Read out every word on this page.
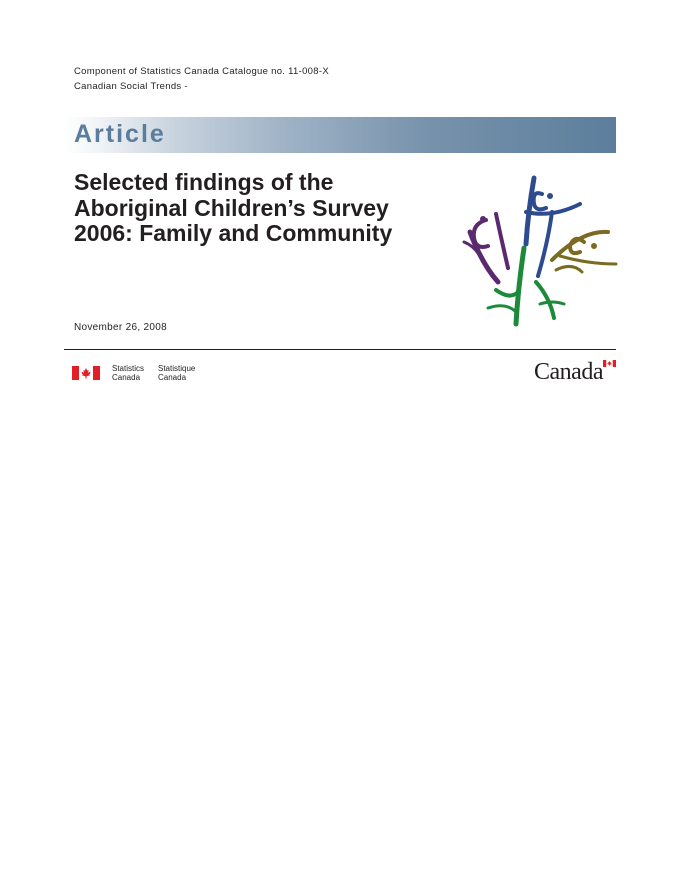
Component of Statistics Canada Catalogue no. 11-008-X
Canadian Social Trends -
Article
Selected findings of the Aboriginal Children’s Survey 2006: Family and Community
November 26, 2008
Statistics
Canada
Statistique
Canada	Canada
